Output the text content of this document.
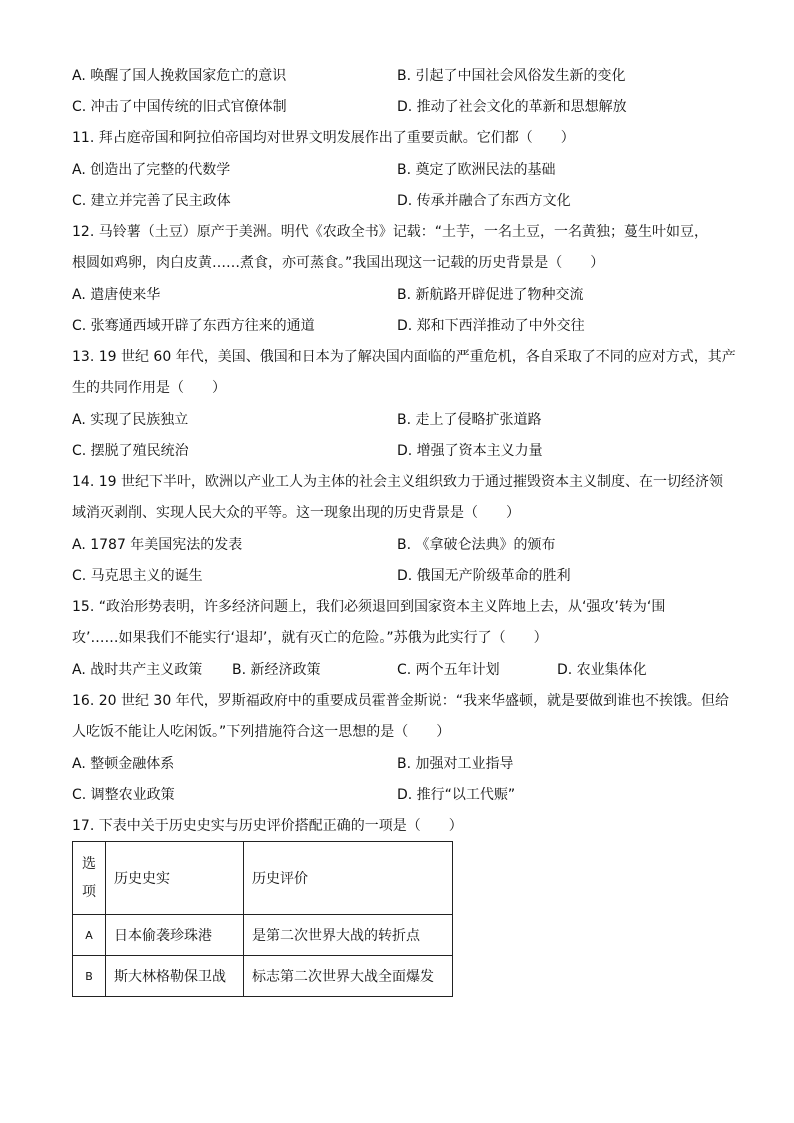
A. 唤醒了国人挽救国家危亡的意识	B. 引起了中国社会风俗发生新的变化
C. 冲击了中国传统的旧式官僚体制	D. 推动了社会文化的革新和思想解放
11. 拜占庭帝国和阿拉伯帝国均对世界文明发展作出了重要贡献。它们都（　　）
A. 创造出了完整的代数学	B. 奠定了欧洲民法的基础
C. 建立并完善了民主政体	D. 传承并融合了东西方文化
12. 马铃薯（土豆）原产于美洲。明代《农政全书》记载：“土芋，一名土豆，一名黄独；蔓生叶如豆，
根圆如鸡卵，肉白皮黄……煮食，亦可蒸食。”我国出现这一记载的历史背景是（　　）
A. 遣唐使来华	B. 新航路开辟促进了物种交流
C. 张骞通西域开辟了东西方往来的通道	D. 郑和下西洋推动了中外交往
13. 19 世纪 60 年代，美国、俄国和日本为了解决国内面临的严重危机，各自采取了不同的应对方式，其产
生的共同作用是（　　）
A. 实现了民族独立	B. 走上了侵略扩张道路
C. 摆脱了殖民统治	D. 增强了资本主义力量
14. 19 世纪下半叶，欧洲以产业工人为主体的社会主义组织致力于通过摧毁资本主义制度、在一切经济领
域消灭剥削、实现人民大众的平等。这一现象出现的历史背景是（　　）
A. 1787 年美国宪法的发表	B. 《拿破仑法典》的颁布
C. 马克思主义的诞生	D. 俄国无产阶级革命的胜利
15. “政治形势表明，许多经济问题上，我们必须退回到国家资本主义阵地上去，从‘强攻’转为‘围
攻’……如果我们不能实行‘退却’，就有灭亡的危险。”苏俄为此实行了（　　）
A. 战时共产主义政策 B. 新经济政策	C. 两个五年计划	D. 农业集体化
16. 20 世纪 30 年代，罗斯福政府中的重要成员霍普金斯说：“我来华盛顿，就是要做到谁也不挨饿。但给
人吃饭不能让人吃闲饭。”下列措施符合这一思想的是（　　）
A. 整顿金融体系	B. 加强对工业指导
C. 调整农业政策	D. 推行“以工代赈”
17. 下表中关于历史史实与历史评价搭配正确的一项是（　　）
选
项	历史史实	历史评价
A	日本偷袭珍珠港	是第二次世界大战的转折点
B	斯大林格勒保卫战	标志第二次世界大战全面爆发
